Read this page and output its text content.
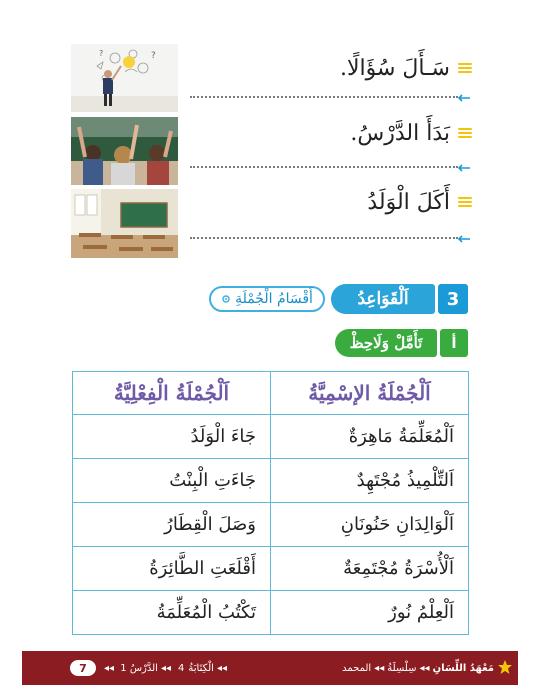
سَـأَلَ سُؤَالًا.
بَدَأَ الدَّرْسُ.
أَكَلَ الْوَلَدُ
?
?
3
اَلْقَوَاعِدُ
أَقْسَامُ الْجُمْلَةِ
أ
تَأَمَّلْ وَلَاحِظْ
اَلْجُمْلَةُ الإسْمِيَّةُ	اَلْجُمْلَةُ الْفِعْلِيَّةُ
اَلْمُعَلِّمَةُ مَاهِرَةٌ	جَاءَ الْوَلَدُ
اَلتِّلْمِيذُ مُجْتَهِدٌ	جَاءَتِ الْبِنْتُ
اَلْوَالِدَانِ حَنُونَانِ	وَصَلَ الْقِطَارُ
اَلْأُسْرَةُ مُجْتَمِعَةٌ	أَقْلَعَتِ الطَّائِرَةُ
اَلْعِلْمُ نُورٌ	تَكْتُبُ الْمُعَلِّمَةُ
مَعْهَدُ اللِّسَانِ
◂◂
سِلْسِلَةُ
◂◂
المحمد
◂◂
الْكِتَابَةُ
4
◂◂
الدَّرْسُ 1
◂◂
7
